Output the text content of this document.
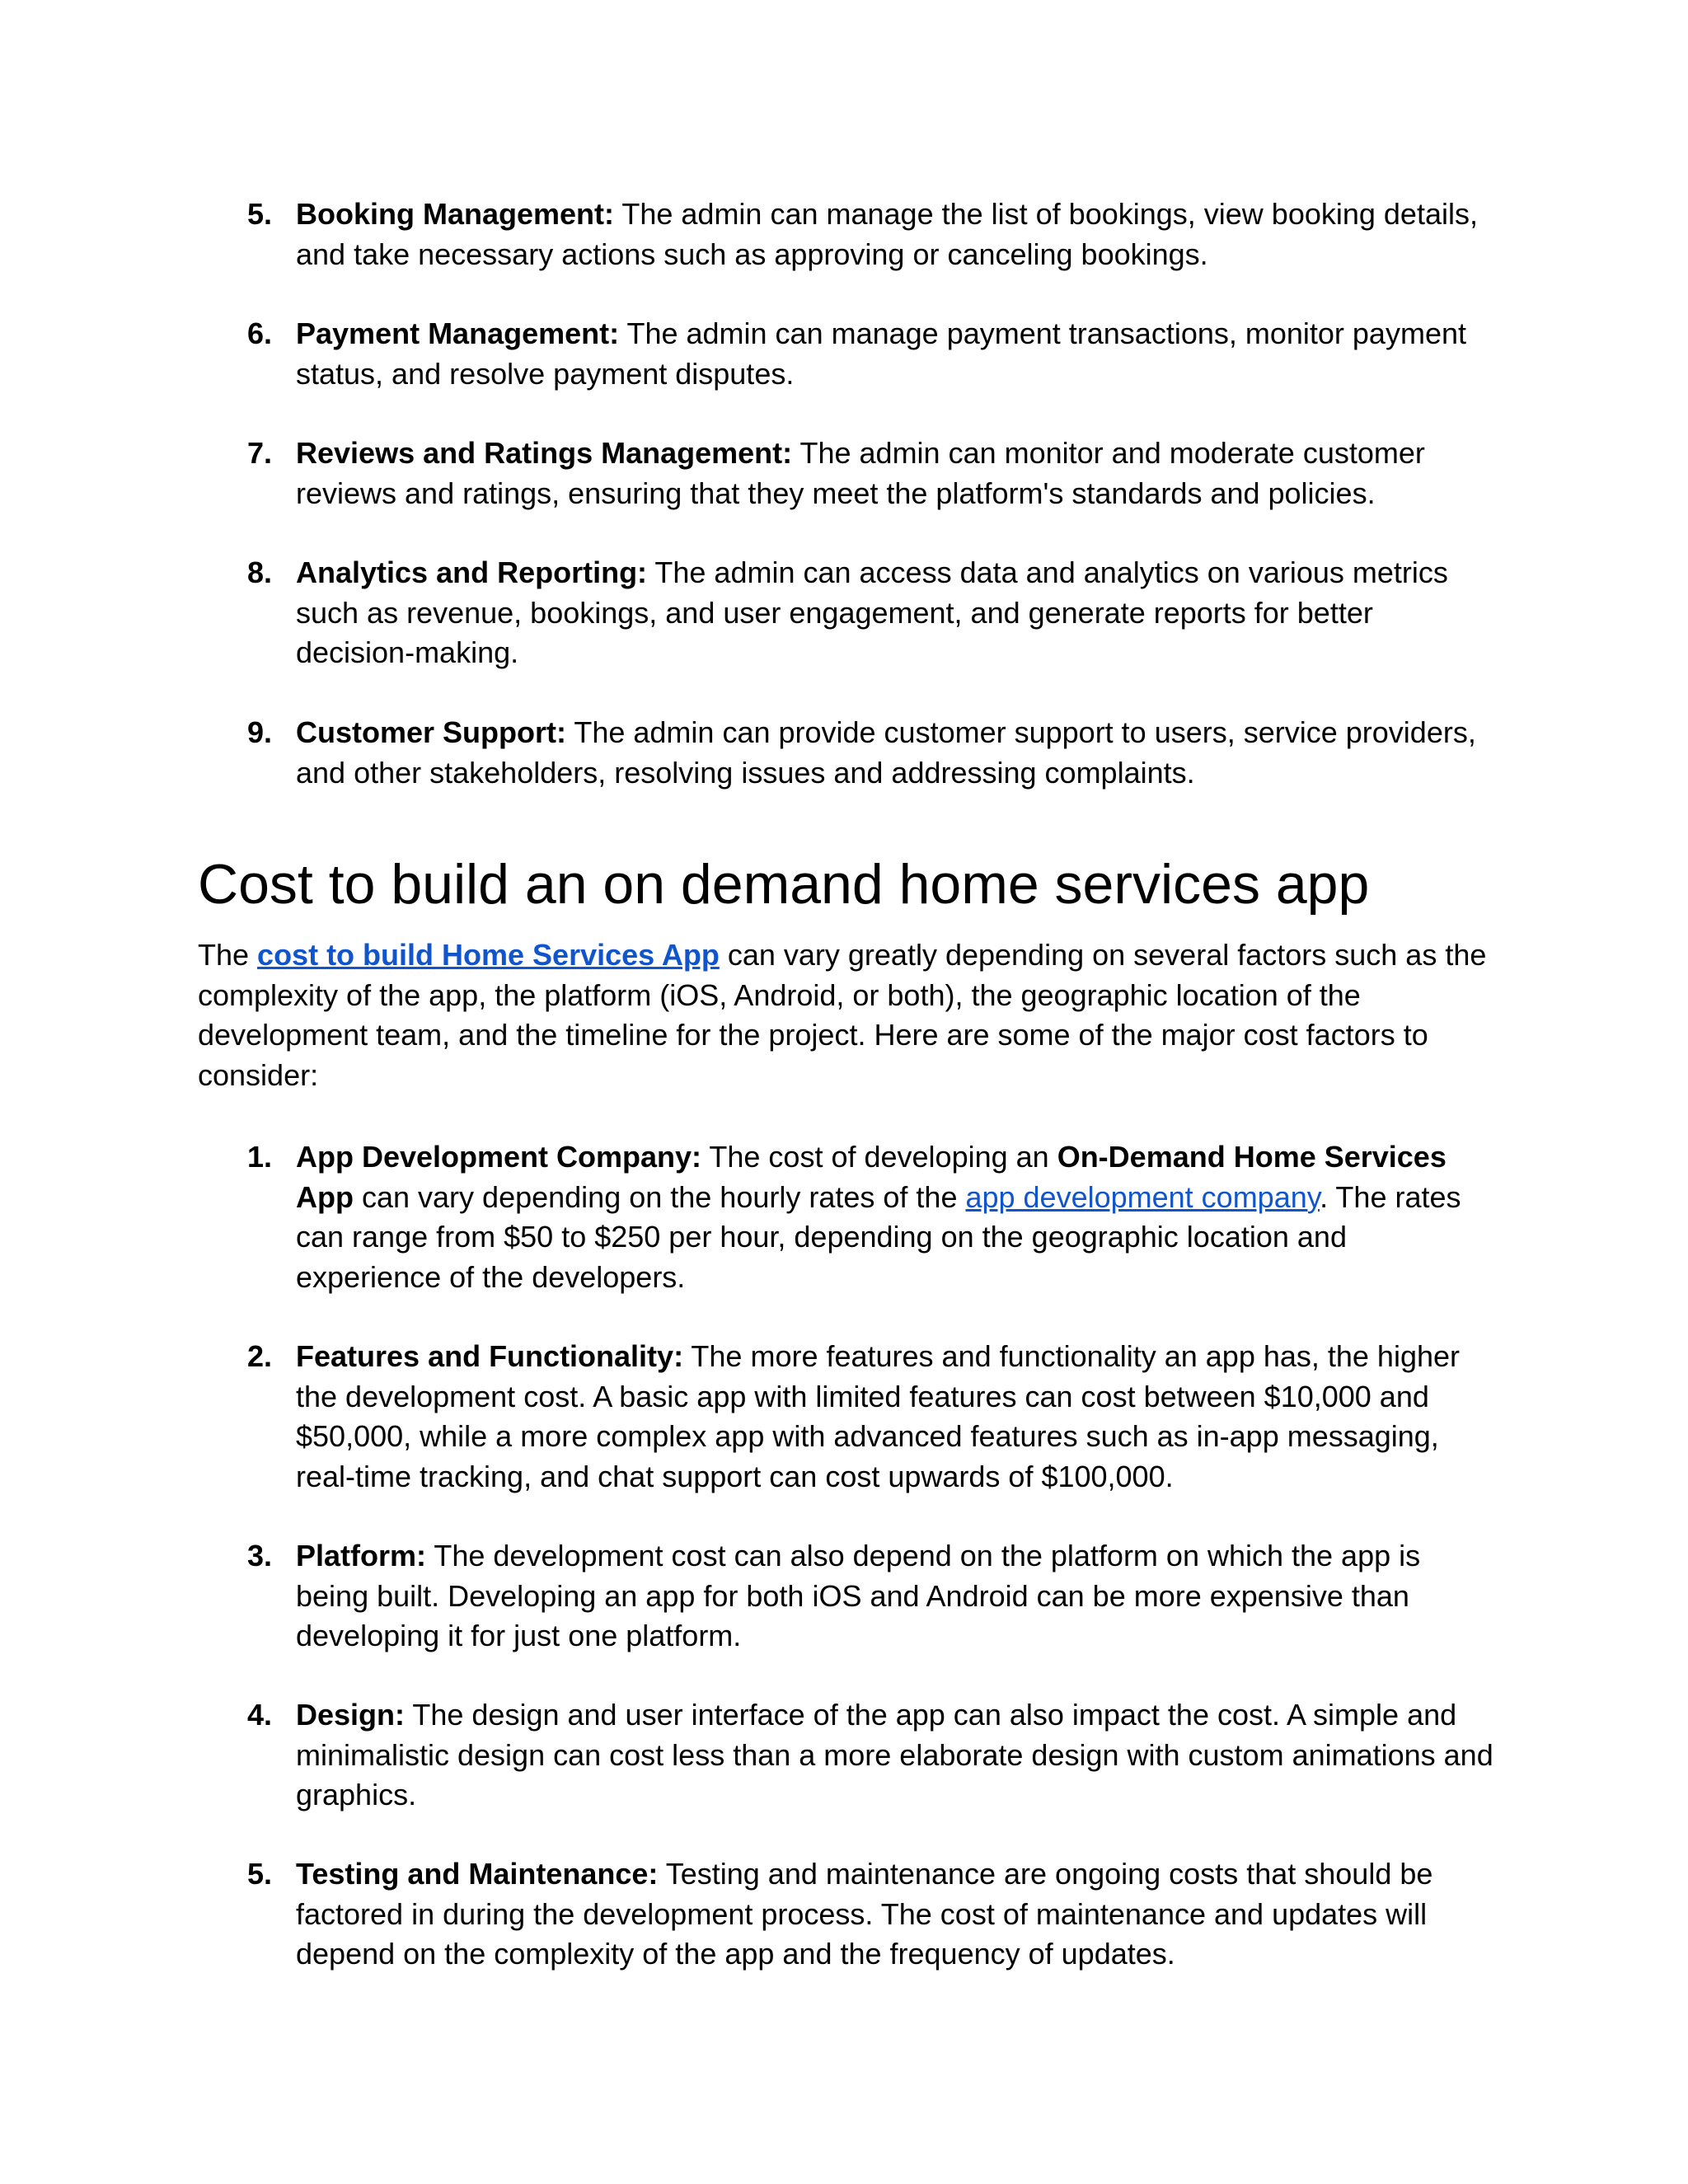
5. Booking Management: The admin can manage the list of bookings, view booking details, and take necessary actions such as approving or canceling bookings.
6. Payment Management: The admin can manage payment transactions, monitor payment status, and resolve payment disputes.
7. Reviews and Ratings Management: The admin can monitor and moderate customer reviews and ratings, ensuring that they meet the platform's standards and policies.
8. Analytics and Reporting: The admin can access data and analytics on various metrics such as revenue, bookings, and user engagement, and generate reports for better decision-making.
9. Customer Support: The admin can provide customer support to users, service providers, and other stakeholders, resolving issues and addressing complaints.
Cost to build an on demand home services app

The cost to build Home Services App can vary greatly depending on several factors such as the complexity of the app, the platform (iOS, Android, or both), the geographic location of the development team, and the timeline for the project. Here are some of the major cost factors to consider:

1. App Development Company: The cost of developing an On-Demand Home Services App can vary depending on the hourly rates of the app development company. The rates can range from $50 to $250 per hour, depending on the geographic location and experience of the developers.
2. Features and Functionality: The more features and functionality an app has, the higher the development cost. A basic app with limited features can cost between $10,000 and $50,000, while a more complex app with advanced features such as in-app messaging, real-time tracking, and chat support can cost upwards of $100,000.
3. Platform: The development cost can also depend on the platform on which the app is being built. Developing an app for both iOS and Android can be more expensive than developing it for just one platform.
4. Design: The design and user interface of the app can also impact the cost. A simple and minimalistic design can cost less than a more elaborate design with custom animations and graphics.
5. Testing and Maintenance: Testing and maintenance are ongoing costs that should be factored in during the development process. The cost of maintenance and updates will depend on the complexity of the app and the frequency of updates.
